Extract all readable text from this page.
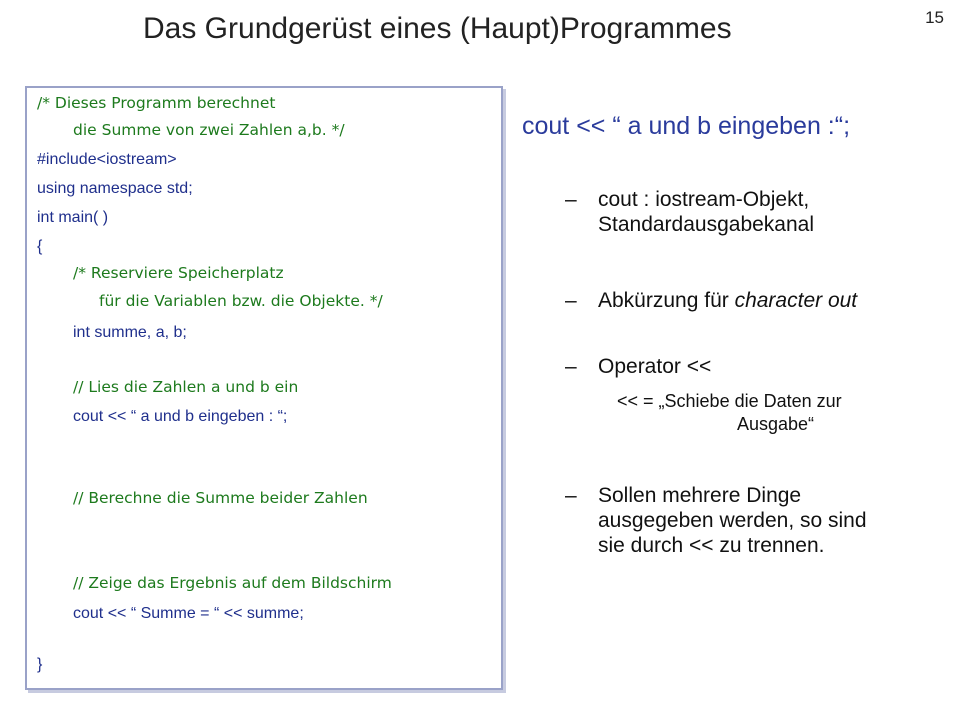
Das Grundgerüst eines (Haupt)Programmes	15
/* Dieses Programm berechnet
die Summe von zwei Zahlen a,b. */
#include<iostream>
using namespace std;
int main( )
{
/* Reserviere Speicherplatz
für die Variablen bzw. die Objekte. */
int summe, a, b;
// Lies die Zahlen a und b ein
cout << “ a und b eingeben : “;
// Berechne die Summe beider Zahlen
// Zeige das Ergebnis auf dem Bildschirm
cout << “ Summe = “ << summe;
}
cout << “ a und b eingeben :“;
– cout : iostream-Objekt,
Standardausgabekanal
– Abkürzung für character out
– Operator <<
<< = „Schiebe die Daten zur
Ausgabe“
– Sollen mehrere Dinge
ausgegeben werden, so sind
sie durch << zu trennen.
